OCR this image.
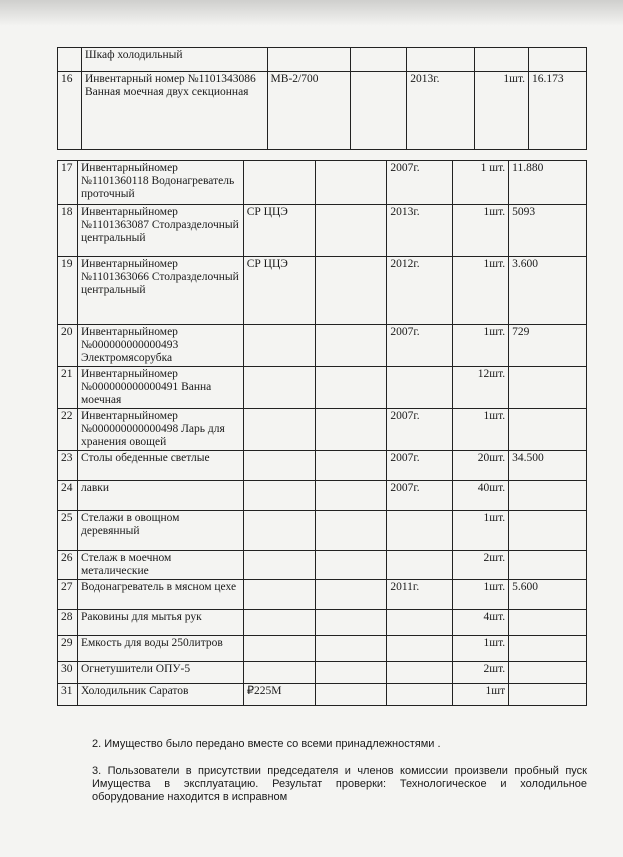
	Шкаф холодильный					
16	Инвентарный номер №1101343086 Ванная моечная двух секционная	МВ-2/700		2013г.	1шт.	16.173
17	Инвентарныйномер №1101360118 Водонагреватель проточный			2007г.	1 шт.	11.880
18	Инвентарныйномер №1101363087 Столразделочный центральный	СР ЦЦЭ		2013г.	1шт.	5093
19	Инвентарныйномер №1101363066 Столразделочный центральный	СР ЦЦЭ		2012г.	1шт.	3.600
20	Инвентарныйномер №000000000000493 Электромясорубка			2007г.	1шт.	729
21	Инвентарныйномер №000000000000491 Ванна моечная				12шт.	
22	Инвентарныйномер №000000000000498 Ларь для хранения овощей			2007г.	1шт.	
23	Столы обеденные светлые			2007г.	20шт.	34.500
24	лавки			2007г.	40шт.	
25	Стелажи в овощном деревянный				1шт.	
26	Стелаж в моечном металические				2шт.	
27	Водонагреватель в мясном цехе			2011г.	1шт.	5.600
28	Раковины для мытья рук				4шт.	
29	Емкость для воды 250литров				1шт.	
30	Огнетушители ОПУ-5				2шт.	
31	Холодильник Саратов	₽225М			1шт	

2. Имущество было передано вместе со всеми принадлежностями .

3. Пользователи в присутствии председателя и членов комиссии произвели пробный пуск Имущества в эксплуатацию. Результат проверки: Технологическое и холодильное оборудование находится в исправном
